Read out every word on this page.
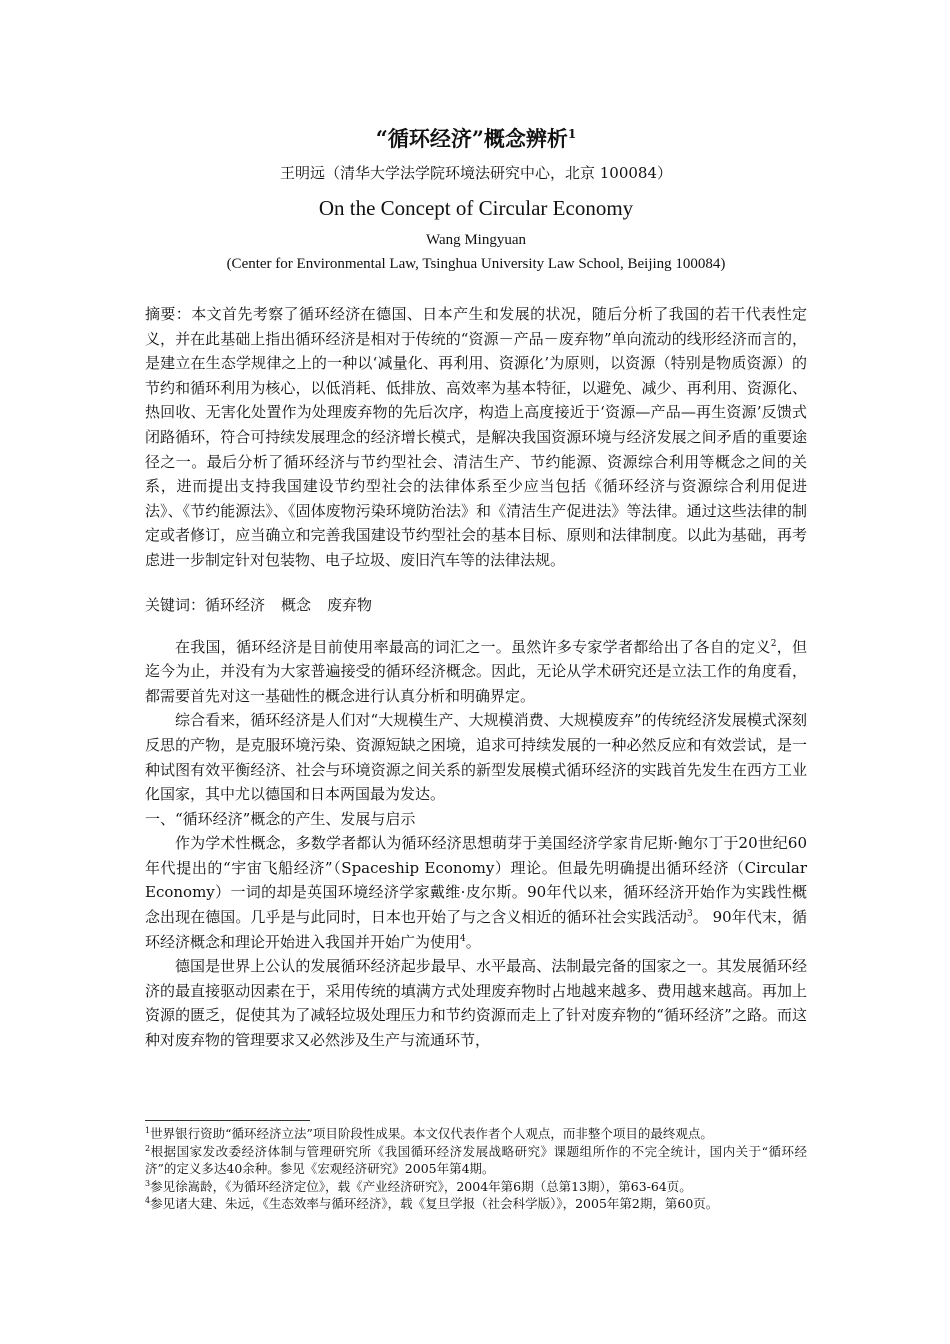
“循环经济”概念辨析$^1$
王明远（清华大学法学院环境法研究中心，北京 100084）
On the Concept of Circular Economy
Wang Mingyuan
(Center for Environmental Law, Tsinghua University Law School, Beijing 100084)
摘要：本文首先考察了循环经济在德国、日本产生和发展的状况，随后分析了我国的若干代表性定义，并在此基础上指出循环经济是相对于传统的“资源－产品－废弃物”单向流动的线形经济而言的，是建立在生态学规律之上的一种以‘减量化、再利用、资源化’为原则，以资源（特别是物质资源）的节约和循环利用为核心，以低消耗、低排放、高效率为基本特征，以避免、减少、再利用、资源化、热回收、无害化处置作为处理废弃物的先后次序，构造上高度接近于‘资源—产品—再生资源’反馈式闭路循环，符合可持续发展理念的经济增长模式，是解决我国资源环境与经济发展之间矛盾的重要途径之一。最后分析了循环经济与节约型社会、清洁生产、节约能源、资源综合利用等概念之间的关系，进而提出支持我国建设节约型社会的法律体系至少应当包括《循环经济与资源综合利用促进法》、《节约能源法》、《固体废物污染环境防治法》和《清洁生产促进法》等法律。通过这些法律的制定或者修订，应当确立和完善我国建设节约型社会的基本目标、原则和法律制度。以此为基础，再考虑进一步制定针对包装物、电子垃圾、废旧汽车等的法律法规。
关键词：循环经济 概念 废弃物

在我国，循环经济是目前使用率最高的词汇之一。虽然许多专家学者都给出了各自的定义$^2$，但迄今为止，并没有为大家普遍接受的循环经济概念。因此，无论从学术研究还是立法工作的角度看，都需要首先对这一基础性的概念进行认真分析和明确界定。

综合看来，循环经济是人们对“大规模生产、大规模消费、大规模废弃”的传统经济发展模式深刻反思的产物，是克服环境污染、资源短缺之困境，追求可持续发展的一种必然反应和有效尝试，是一种试图有效平衡经济、社会与环境资源之间关系的新型发展模式循环经济的实践首先发生在西方工业化国家，其中尤以德国和日本两国最为发达。

一、“循环经济”概念的产生、发展与启示

作为学术性概念，多数学者都认为循环经济思想萌芽于美国经济学家肯尼斯·鲍尔丁于20世纪60年代提出的“宇宙飞船经济”（Spaceship Economy）理论。但最先明确提出循环经济（Circular Economy）一词的却是英国环境经济学家戴维·皮尔斯。90年代以来，循环经济开始作为实践性概念出现在德国。几乎是与此同时，日本也开始了与之含义相近的循环社会实践活动$^3$。 90年代末，循环经济概念和理论开始进入我国并开始广为使用$^4$。

德国是世界上公认的发展循环经济起步最早、水平最高、法制最完备的国家之一。其发展循环经济的最直接驱动因素在于，采用传统的填满方式处理废弃物时占地越来越多、费用越来越高。再加上资源的匮乏，促使其为了减轻垃圾处理压力和节约资源而走上了针对废弃物的“循环经济”之路。而这种对废弃物的管理要求又必然涉及生产与流通环节，

$^1$世界银行资助“循环经济立法”项目阶段性成果。本文仅代表作者个人观点，而非整个项目的最终观点。

$^2$根据国家发改委经济体制与管理研究所《我国循环经济发展战略研究》课题组所作的不完全统计，国内关于“循环经济”的定义多达40余种。参见《宏观经济研究》2005年第4期。

$^3$参见徐嵩龄，《为循环经济定位》，载《产业经济研究》，2004年第6期（总第13期），第63-64页。

$^4$参见诸大建、朱远，《生态效率与循环经济》，载《复旦学报（社会科学版）》，2005年第2期，第60页。
